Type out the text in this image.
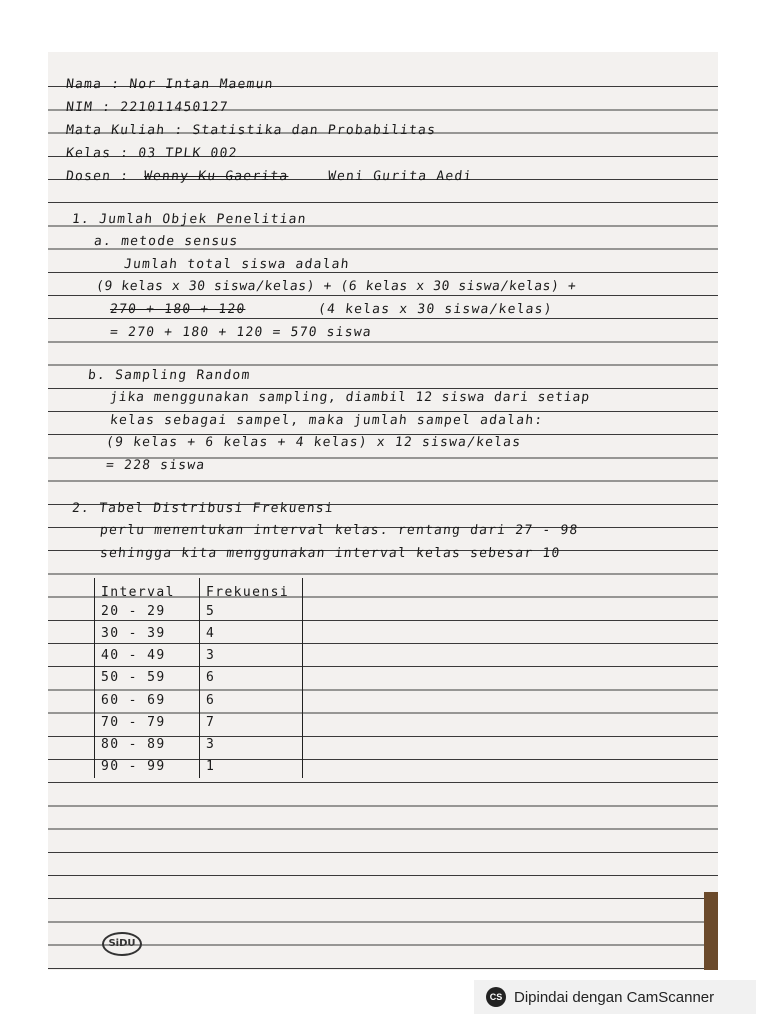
Nama : Nor Intan Maemun
NIM : 221011450127
Mata Kuliah : Statistika dan Probabilitas
Kelas : 03 TPLK 002
Dosen : Wenny Ku Gaerita	Weni Gurita Aedi
1. Jumlah Objek Penelitian
a. metode sensus
Jumlah total siswa adalah
(9 kelas x 30 siswa/kelas) + (6 kelas x 30 siswa/kelas) +
270 + 180 + 120	(4 kelas x 30 siswa/kelas)
= 270 + 180 + 120 = 570 siswa
b. Sampling Random
jika menggunakan sampling, diambil 12 siswa dari setiap
kelas sebagai sampel, maka jumlah sampel adalah:
(9 kelas + 6 kelas + 4 kelas) x 12 siswa/kelas
= 228 siswa
2. Tabel Distribusi Frekuensi
perlu menentukan interval kelas. rentang dari 27 - 98
sehingga kita menggunakan interval kelas sebesar 10
Interval	Frekuensi
20 - 29	5
30 - 39	4
40 - 49	3
50 - 59	6
60 - 69	6
70 - 79	7
80 - 89	3
90 - 99	1
SiDU
CS Dipindai dengan CamScanner
